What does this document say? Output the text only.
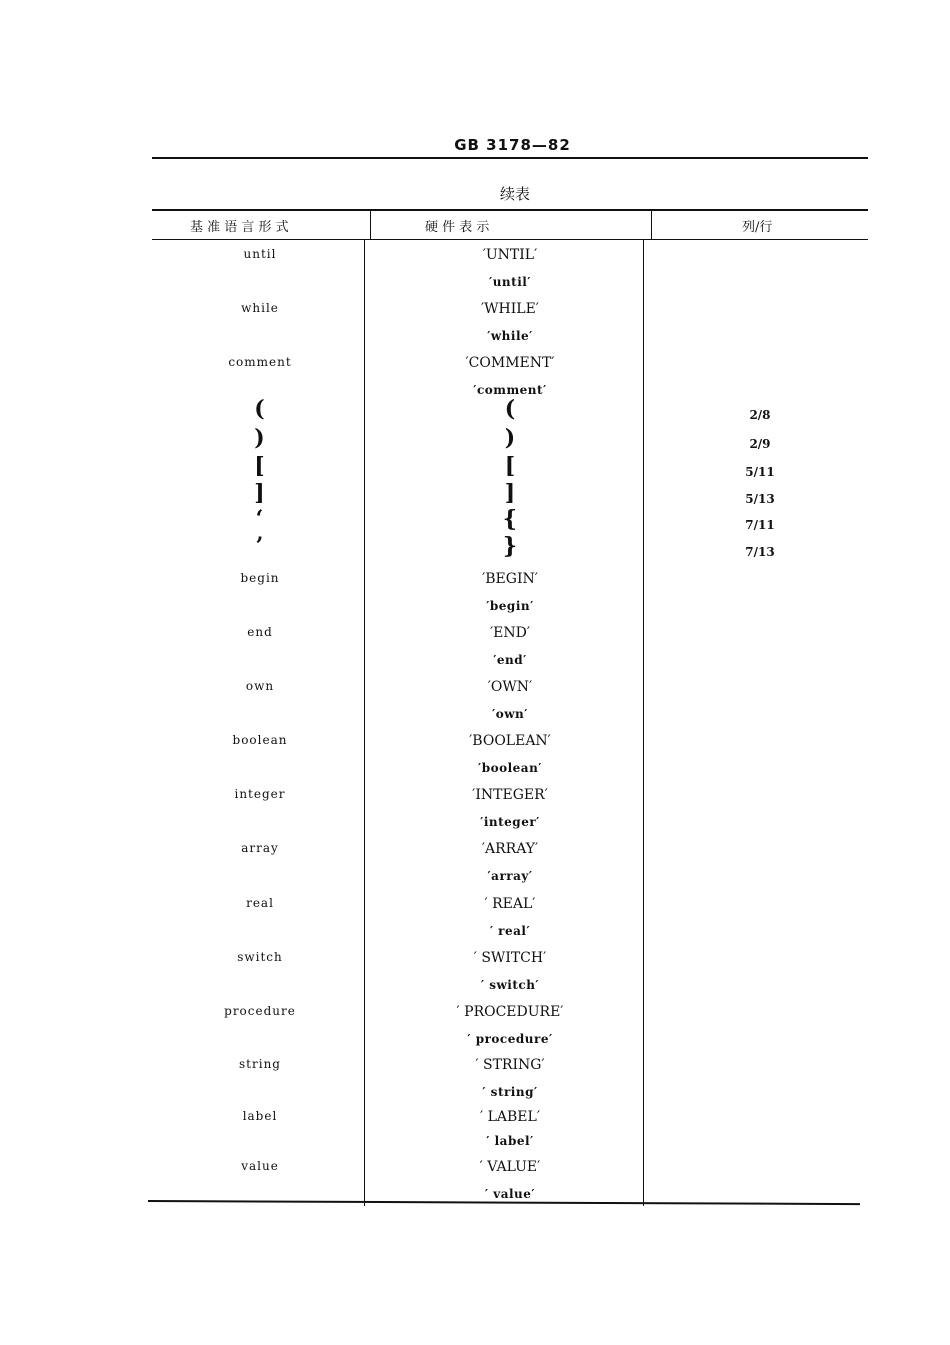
GB 3178—82
续表
基 准 语 言 形 式	硬 件 表 示	列/行
until	′UNTIL′
′until′
while	′WHILE′
′while′
comment	′COMMENT′
′comment′
(	(	2/8
)	)	2/9
[	[	5/11
]	]	5/13
‘	{	7/11
’	}	7/13
begin	′BEGIN′
′begin′
end	′END′
′end′
own	′OWN′
′own′
boolean	′BOOLEAN′
′boolean′
integer	′INTEGER′
′integer′
array	′ARRAY′
′array′
real	′ REAL′
′ real′
switch	′ SWITCH′
′ switch′
procedure	′ PROCEDURE′
′ procedure′
string	′ STRING′
′ string′
label	′ LABEL′
′ label′
value	′ VALUE′
′ value′
